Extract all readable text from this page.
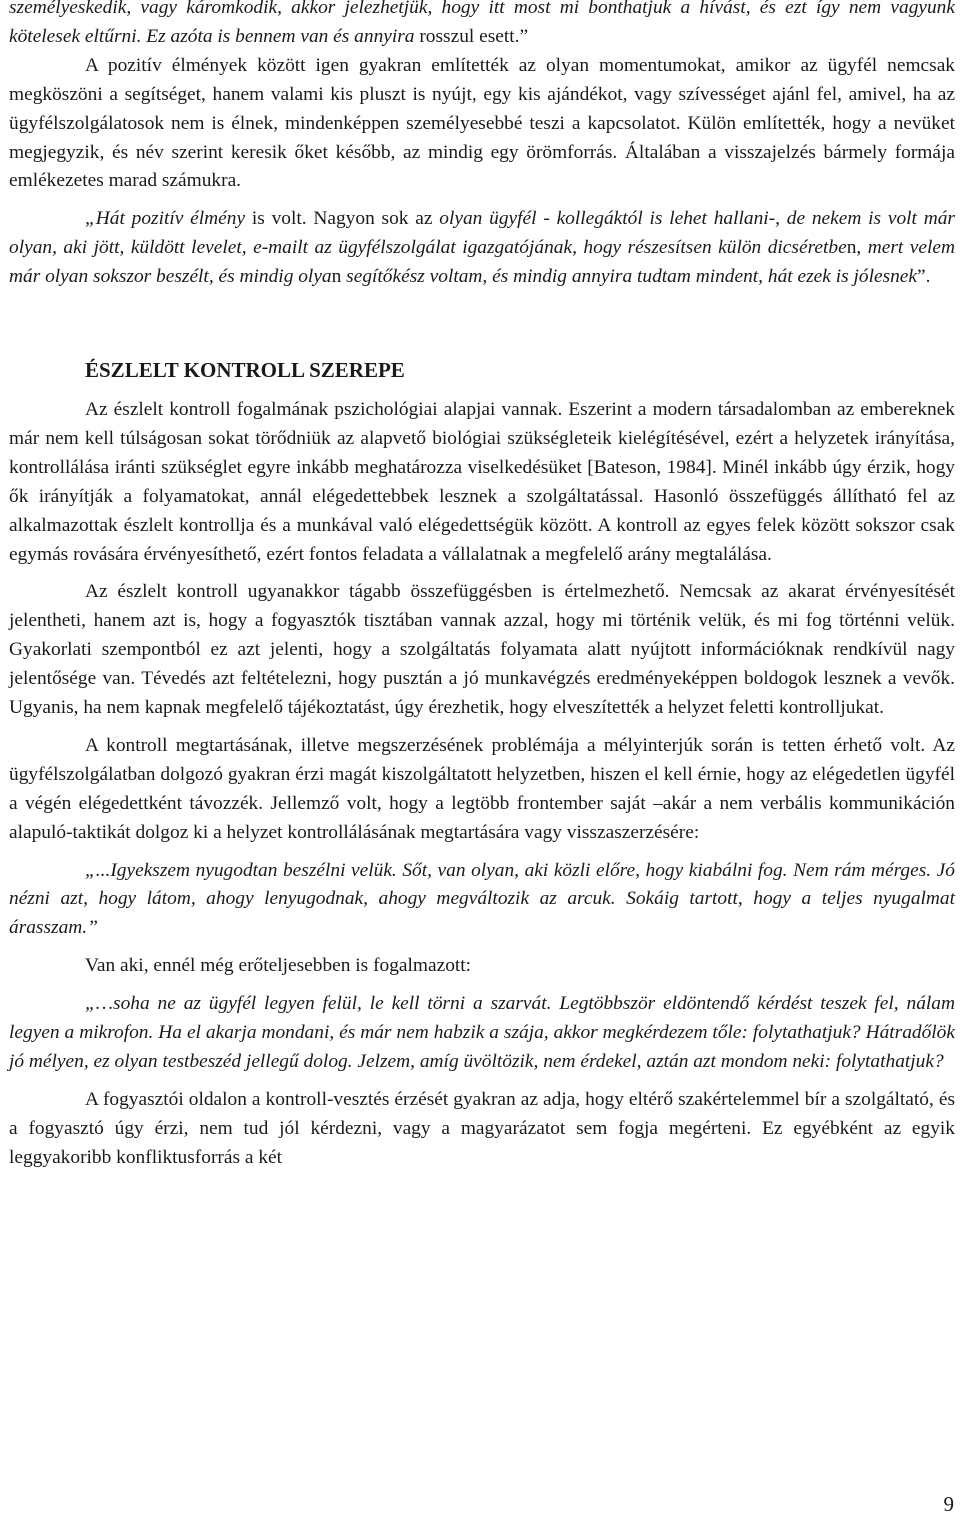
személyeskedik, vagy káromkodik, akkor jelezhetjük, hogy itt most mi bonthatjuk a hívást, és ezt így nem vagyunk kötelesek eltűrni. Ez azóta is bennem van és annyira rosszul esett.”

A pozitív élmények között igen gyakran említették az olyan momentumokat, amikor az ügyfél nemcsak megköszöni a segítséget, hanem valami kis pluszt is nyújt, egy kis ajándékot, vagy szívességet ajánl fel, amivel, ha az ügyfélszolgálatosok nem is élnek, mindenképpen személyesebbé teszi a kapcsolatot. Külön említették, hogy a nevüket megjegyzik, és név szerint keresik őket később, az mindig egy örömforrás. Általában a visszajelzés bármely formája emlékezetes marad számukra.

„Hát pozitív élmény is volt. Nagyon sok az olyan ügyfél - kollegáktól is lehet hallani-, de nekem is volt már olyan, aki jött, küldött levelet, e-mailt az ügyfélszolgálat igazgatójának, hogy részesítsen külön dicséretben, mert velem már olyan sokszor beszélt, és mindig olyan segítőkész voltam, és mindig annyira tudtam mindent, hát ezek is jólesnek”.

ÉSZLELT KONTROLL SZEREPE

Az észlelt kontroll fogalmának pszichológiai alapjai vannak. Eszerint a modern társadalomban az embereknek már nem kell túlságosan sokat törődniük az alapvető biológiai szükségleteik kielégítésével, ezért a helyzetek irányítása, kontrollálása iránti szükséglet egyre inkább meghatározza viselkedésüket [Bateson, 1984]. Minél inkább úgy érzik, hogy ők irányítják a folyamatokat, annál elégedettebbek lesznek a szolgáltatással. Hasonló összefüggés állítható fel az alkalmazottak észlelt kontrollja és a munkával való elégedettségük között. A kontroll az egyes felek között sokszor csak egymás rovására érvényesíthető, ezért fontos feladata a vállalatnak a megfelelő arány megtalálása.

Az észlelt kontroll ugyanakkor tágabb összefüggésben is értelmezhető. Nemcsak az akarat érvényesítését jelentheti, hanem azt is, hogy a fogyasztók tisztában vannak azzal, hogy mi történik velük, és mi fog történni velük. Gyakorlati szempontból ez azt jelenti, hogy a szolgáltatás folyamata alatt nyújtott információknak rendkívül nagy jelentősége van. Tévedés azt feltételezni, hogy pusztán a jó munkavégzés eredményeképpen boldogok lesznek a vevők. Ugyanis, ha nem kapnak megfelelő tájékoztatást, úgy érezhetik, hogy elveszítették a helyzet feletti kontrolljukat.

A kontroll megtartásának, illetve megszerzésének problémája a mélyinterjúk során is tetten érhető volt. Az ügyfélszolgálatban dolgozó gyakran érzi magát kiszolgáltatott helyzetben, hiszen el kell érnie, hogy az elégedetlen ügyfél a végén elégedettként távozzék. Jellemző volt, hogy a legtöbb frontember saját –akár a nem verbális kommunikáción alapuló-taktikát dolgoz ki a helyzet kontrollálásának megtartására vagy visszaszerzésére:

„...Igyekszem nyugodtan beszélni velük. Sőt, van olyan, aki közli előre, hogy kiabálni fog. Nem rám mérges. Jó nézni azt, hogy látom, ahogy lenyugodnak, ahogy megváltozik az arcuk. Sokáig tartott, hogy a teljes nyugalmat árasszam.”

Van aki, ennél még erőteljesebben is fogalmazott:

„…soha ne az ügyfél legyen felül, le kell törni a szarvát. Legtöbbször eldöntendő kérdést teszek fel, nálam legyen a mikrofon. Ha el akarja mondani, és már nem habzik a szája, akkor megkérdezem tőle: folytathatjuk? Hátradőlök jó mélyen, ez olyan testbeszéd jellegű dolog. Jelzem, amíg üvöltözik, nem érdekel, aztán azt mondom neki: folytathatjuk?

A fogyasztói oldalon a kontroll-vesztés érzését gyakran az adja, hogy eltérő szakértelemmel bír a szolgáltató, és a fogyasztó úgy érzi, nem tud jól kérdezni, vagy a magyarázatot sem fogja megérteni. Ez egyébként az egyik leggyakoribb konfliktusforrás a két

9
